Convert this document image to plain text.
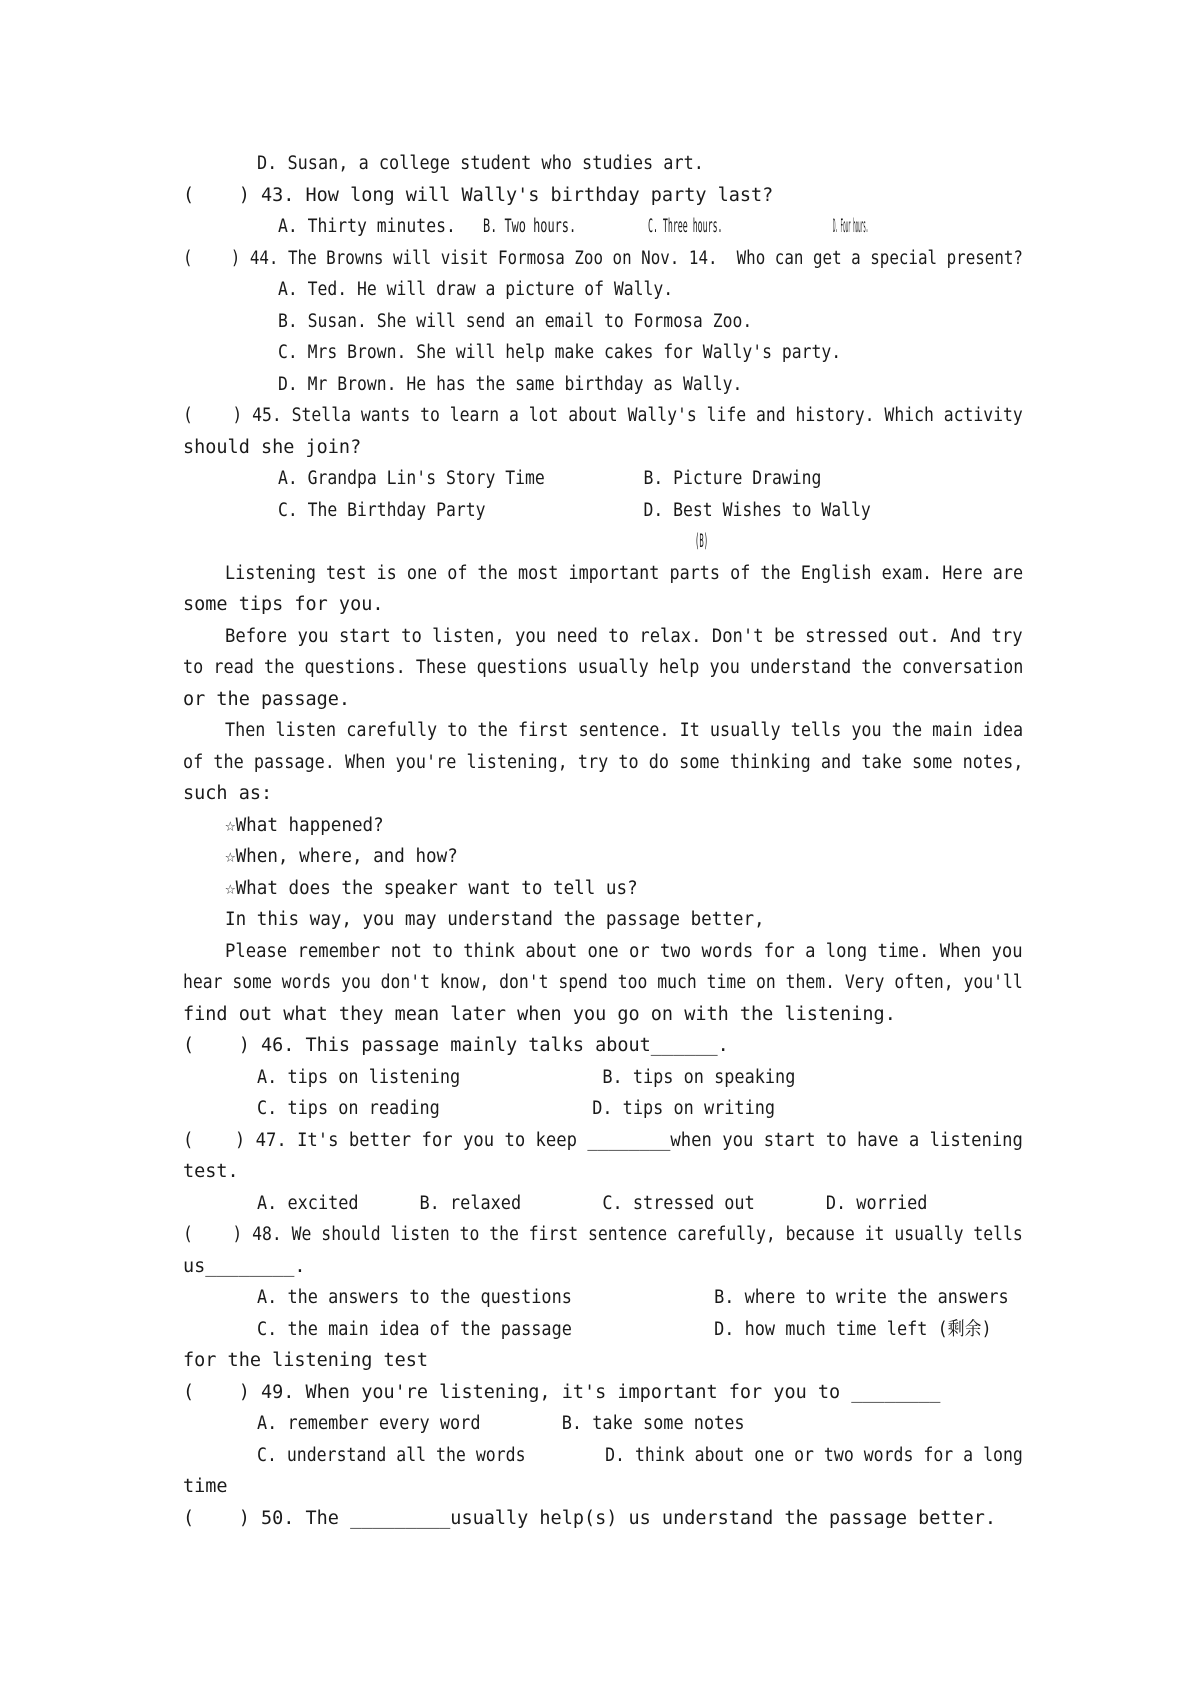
D. Susan, a college student who studies art.
(    ) 43. How long will Wally's birthday party last?
A. Thirty minutes.	B. Two hours.	C. Three hours.	D. Four hours.
(    ) 44. The Browns will visit Formosa Zoo on Nov. 14.  Who can get a special present?
A. Ted. He will draw a picture of Wally.
B. Susan. She will send an email to Formosa Zoo.
C. Mrs Brown. She will help make cakes for Wally's party.
D. Mr Brown. He has the same birthday as Wally.
(    ) 45. Stella wants to learn a lot about Wally's life and history. Which activity
should she join?
A. Grandpa Lin's Story Time          B. Picture Drawing
C. The Birthday Party                D. Best Wishes to Wally
(B)
Listening test is one of the most important parts of the English exam. Here are
some tips for you.
Before you start to listen, you need to relax. Don't be stressed out. And try
to read the questions. These questions usually help you understand the conversation
or the passage.
Then listen carefully to the first sentence. It usually tells you the main idea
of the passage. When you're listening, try to do some thinking and take some notes,
such as:
☆What happened?
☆When, where, and how?
☆What does the speaker want to tell us?
In this way, you may understand the passage better,
Please remember not to think about one or two words for a long time. When you
hear some words you don't know, don't spend too much time on them. Very often, you'll
find out what they mean later when you go on with the listening.
(    ) 46. This passage mainly talks about______.
A. tips on listening              B. tips on speaking
C. tips on reading               D. tips on writing
(    ) 47. It's better for you to keep ________when you start to have a listening
test.
A. excited      B. relaxed        C. stressed out       D. worried
(    ) 48. We should listen to the first sentence carefully, because it usually tells
us________.
A. the answers to the questions              B. where to write the answers
C. the main idea of the passage              D. how much time left (剩余)
for the listening test
(    ) 49. When you're listening, it's important for you to ________
A. remember every word        B. take some notes
C. understand all the words        D. think about one or two words for a long
time
(    ) 50. The _________usually help(s) us understand the passage better.
